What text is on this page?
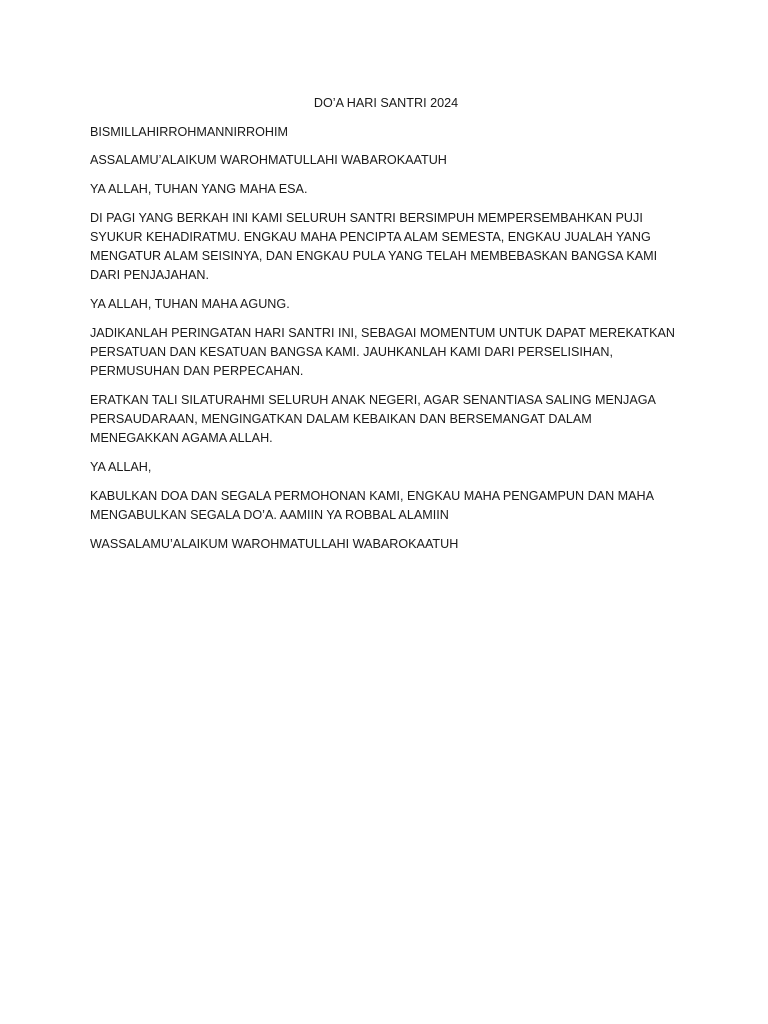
DO’A HARI SANTRI 2024

BISMILLAHIRROHMANNIRROHIM

ASSALAMU’ALAIKUM WAROHMATULLAHI WABAROKAATUH

YA ALLAH, TUHAN YANG MAHA ESA.

DI PAGI YANG BERKAH INI KAMI SELURUH SANTRI BERSIMPUH MEMPERSEMBAHKAN PUJI SYUKUR KEHADIRATMU. ENGKAU MAHA PENCIPTA ALAM SEMESTA, ENGKAU JUALAH YANG MENGATUR ALAM SEISINYA, DAN ENGKAU PULA YANG TELAH MEMBEBASKAN BANGSA KAMI DARI PENJAJAHAN.

YA ALLAH, TUHAN MAHA AGUNG.

JADIKANLAH PERINGATAN HARI SANTRI INI, SEBAGAI MOMENTUM UNTUK DAPAT MEREKATKAN PERSATUAN DAN KESATUAN BANGSA KAMI. JAUHKANLAH KAMI DARI PERSELISIHAN, PERMUSUHAN DAN PERPECAHAN.

ERATKAN TALI SILATURAHMI SELURUH ANAK NEGERI, AGAR SENANTIASA SALING MENJAGA PERSAUDARAAN, MENGINGATKAN DALAM KEBAIKAN DAN BERSEMANGAT DALAM MENEGAKKAN AGAMA ALLAH.

YA ALLAH,

KABULKAN DOA DAN SEGALA PERMOHONAN KAMI, ENGKAU MAHA PENGAMPUN DAN MAHA MENGABULKAN SEGALA DO’A. AAMIIN YA ROBBAL ALAMIIN

WASSALAMU’ALAIKUM WAROHMATULLAHI WABAROKAATUH
